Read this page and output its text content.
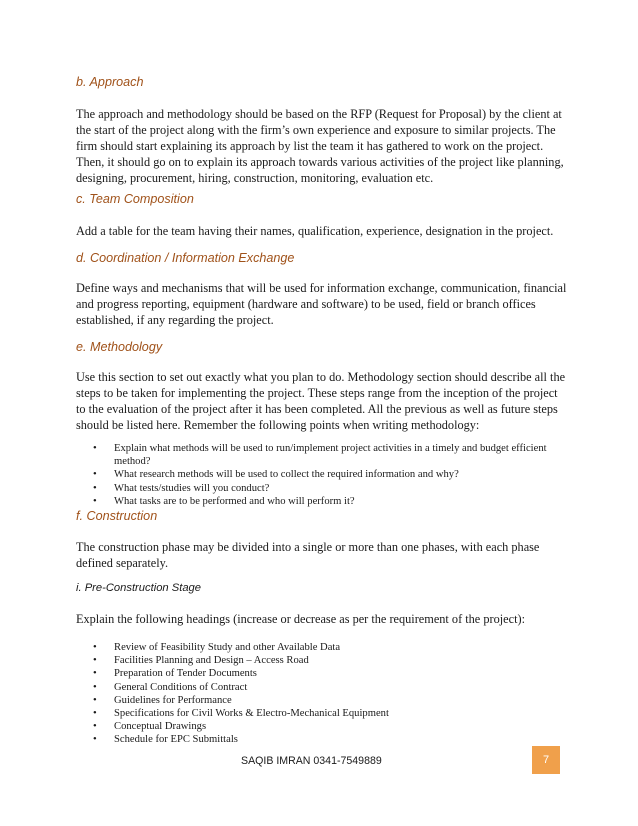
b. Approach

The approach and methodology should be based on the RFP (Request for Proposal) by the client at the start of the project along with the firm’s own experience and exposure to similar projects. The firm should start explaining its approach by list the team it has gathered to work on the project. Then, it should go on to explain its approach towards various activities of the project like planning, designing, procurement, hiring, construction, monitoring, evaluation etc.

c. Team Composition

Add a table for the team having their names, qualification, experience, designation in the project.

d. Coordination / Information Exchange

Define ways and mechanisms that will be used for information exchange, communication, financial and progress reporting, equipment (hardware and software) to be used, field or branch offices established, if any regarding the project.

e. Methodology

Use this section to set out exactly what you plan to do. Methodology section should describe all the steps to be taken for implementing the project. These steps range from the inception of the project to the evaluation of the project after it has been completed. All the previous as well as future steps should be listed here. Remember the following points when writing methodology:

• Explain what methods will be used to run/implement project activities in a timely and budget efficient method?
• What research methods will be used to collect the required information and why?
• What tests/studies will you conduct?
• What tasks are to be performed and who will perform it?
f. Construction

The construction phase may be divided into a single or more than one phases, with each phase defined separately.

i. Pre-Construction Stage

Explain the following headings (increase or decrease as per the requirement of the project):

• Review of Feasibility Study and other Available Data
• Facilities Planning and Design – Access Road
• Preparation of Tender Documents
• General Conditions of Contract
• Guidelines for Performance
• Specifications for Civil Works & Electro-Mechanical Equipment
• Conceptual Drawings
• Schedule for EPC Submittals
SAQIB IMRAN 0341-7549889	7
